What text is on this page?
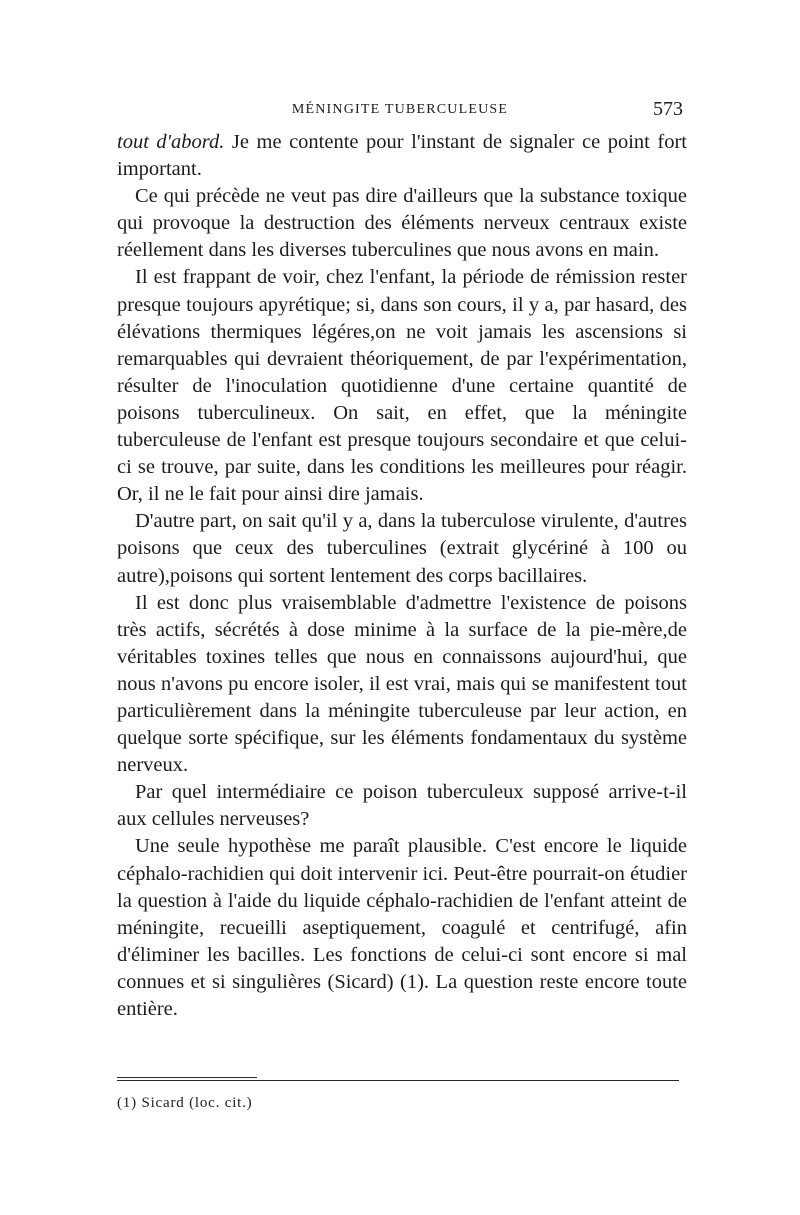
MÉNINGITE TUBERCULEUSE	573

tout d'abord. Je me contente pour l'instant de signaler ce point fort important.

Ce qui précède ne veut pas dire d'ailleurs que la substance toxique qui provoque la destruction des éléments nerveux centraux existe réellement dans les diverses tuberculines que nous avons en main.

Il est frappant de voir, chez l'enfant, la période de rémission rester presque toujours apyrétique; si, dans son cours, il y a, par hasard, des élévations thermiques légéres,on ne voit jamais les ascensions si remarquables qui devraient théoriquement, de par l'expérimentation, résulter de l'inoculation quotidienne d'une certaine quantité de poisons tuberculineux. On sait, en effet, que la méningite tuberculeuse de l'enfant est presque toujours secondaire et que celui-ci se trouve, par suite, dans les conditions les meilleures pour réagir. Or, il ne le fait pour ainsi dire jamais.

D'autre part, on sait qu'il y a, dans la tuberculose virulente, d'autres poisons que ceux des tuberculines (extrait glycériné à 100 ou autre),poisons qui sortent lentement des corps bacillaires.

Il est donc plus vraisemblable d'admettre l'existence de poisons très actifs, sécrétés à dose minime à la surface de la pie-mère,de véritables toxines telles que nous en connaissons aujourd'hui, que nous n'avons pu encore isoler, il est vrai, mais qui se manifestent tout particulièrement dans la méningite tuberculeuse par leur action, en quelque sorte spécifique, sur les éléments fondamentaux du système nerveux.

Par quel intermédiaire ce poison tuberculeux supposé arrive-t-il aux cellules nerveuses?

Une seule hypothèse me paraît plausible. C'est encore le liquide céphalo-rachidien qui doit intervenir ici. Peut-être pourrait-on étudier la question à l'aide du liquide céphalo-rachidien de l'enfant atteint de méningite, recueilli aseptiquement, coagulé et centrifugé, afin d'éliminer les bacilles. Les fonctions de celui-ci sont encore si mal connues et si singulières (Sicard) (1). La question reste encore toute entière.

(1) Sicard (loc. cit.)
